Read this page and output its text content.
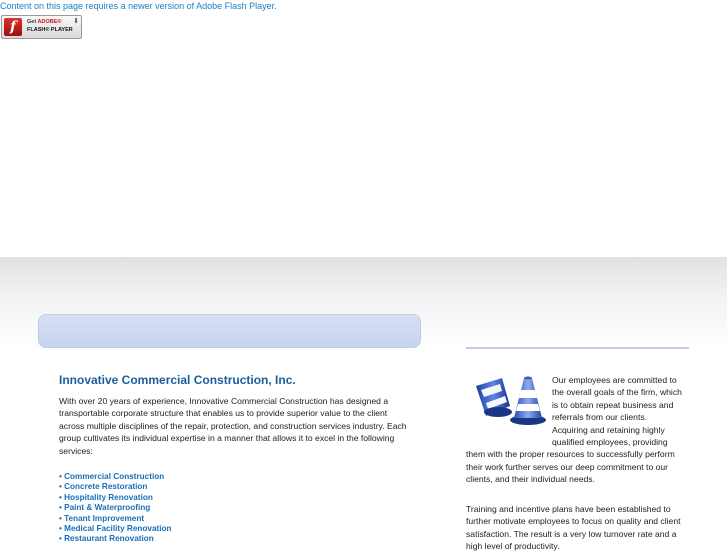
Content on this page requires a newer version of Adobe Flash Player.
f	Get ADOBE®
FLASH® PLAYER
⬇
Innovative Commercial Construction, Inc.

With over 20 years of experience, Innovative Commercial Construction has designed a transportable corporate structure that enables us to provide superior value to the client across multiple disciplines of the repair, protection, and construction services industry. Each group cultivates its individual expertise in a manner that allows it to excel in the following services:

• Commercial Construction
• Concrete Restoration
• Hospitality Renovation
• Paint & Waterproofing
• Tenant Improvement
• Medical Facility Renovation
• Restaurant Renovation

Our employees are committed to
the overall goals of the firm, which
is to obtain repeat business and
referrals from our clients.
Acquiring and retaining highly
qualified employees, providing
them with the proper resources to successfully perform
their work further serves our deep commitment to our
clients, and their individual needs.

Training and incentive plans have been established to further motivate employees to focus on quality and client satisfaction. The result is a very low turnover rate and a high level of productivity.
